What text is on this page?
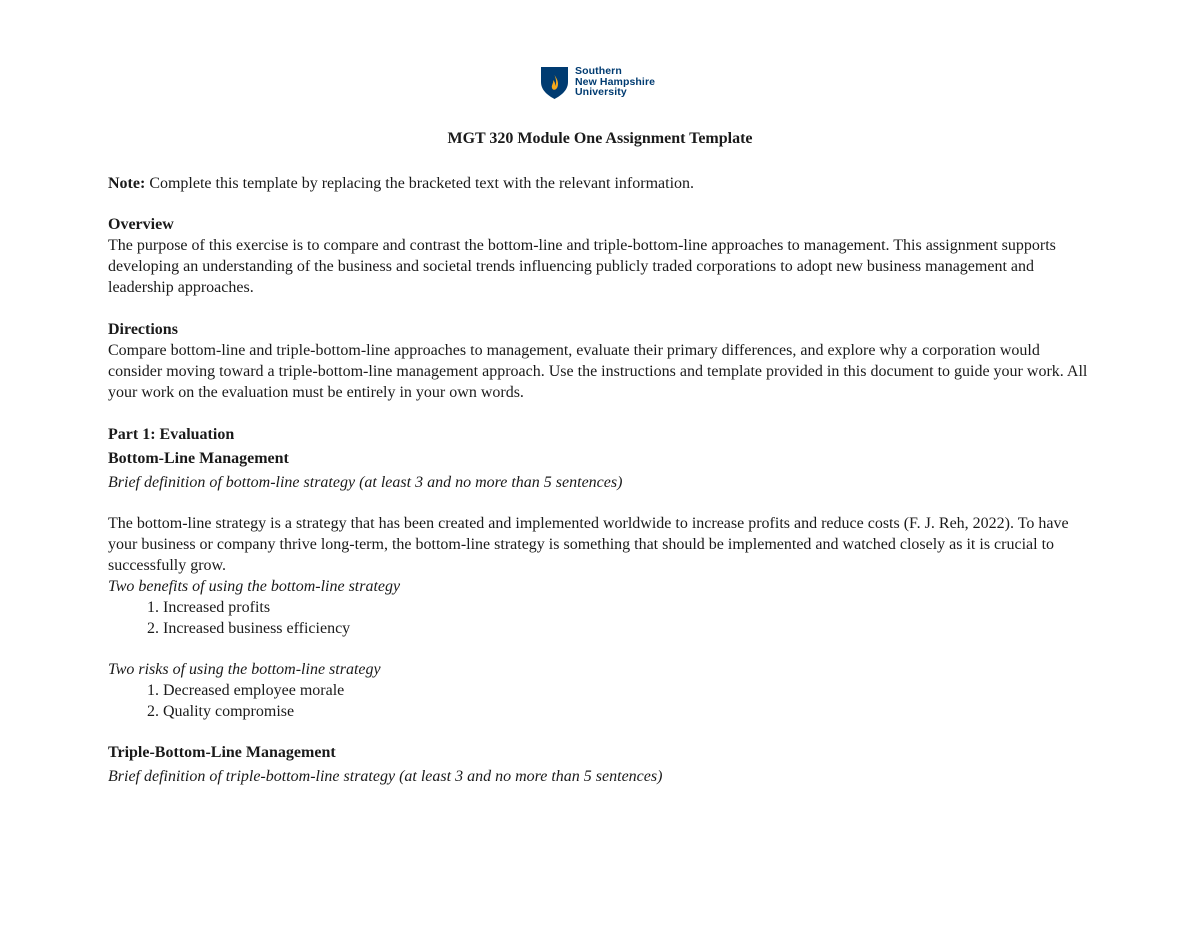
Southern
New Hampshire
University
MGT 320 Module One Assignment Template
Note: Complete this template by replacing the bracketed text with the relevant information.
Overview

The purpose of this exercise is to compare and contrast the bottom-line and triple-bottom-line approaches to management. This assignment supports developing an understanding of the business and societal trends influencing publicly traded corporations to adopt new business management and leadership approaches.

Directions

Compare bottom-line and triple-bottom-line approaches to management, evaluate their primary differences, and explore why a corporation would consider moving toward a triple-bottom-line management approach. Use the instructions and template provided in this document to guide your work. All your work on the evaluation must be entirely in your own words.

Part 1: Evaluation
Bottom-Line Management
Brief definition of bottom-line strategy (at least 3 and no more than 5 sentences)

The bottom-line strategy is a strategy that has been created and implemented worldwide to increase profits and reduce costs (F. J. Reh, 2022). To have your business or company thrive long-term, the bottom-line strategy is something that should be implemented and watched closely as it is crucial to successfully grow.

Two benefits of using the bottom-line strategy
1. Increased profits
2. Increased business efficiency
Two risks of using the bottom-line strategy
1. Decreased employee morale
2. Quality compromise
Triple-Bottom-Line Management
Brief definition of triple-bottom-line strategy (at least 3 and no more than 5 sentences)
